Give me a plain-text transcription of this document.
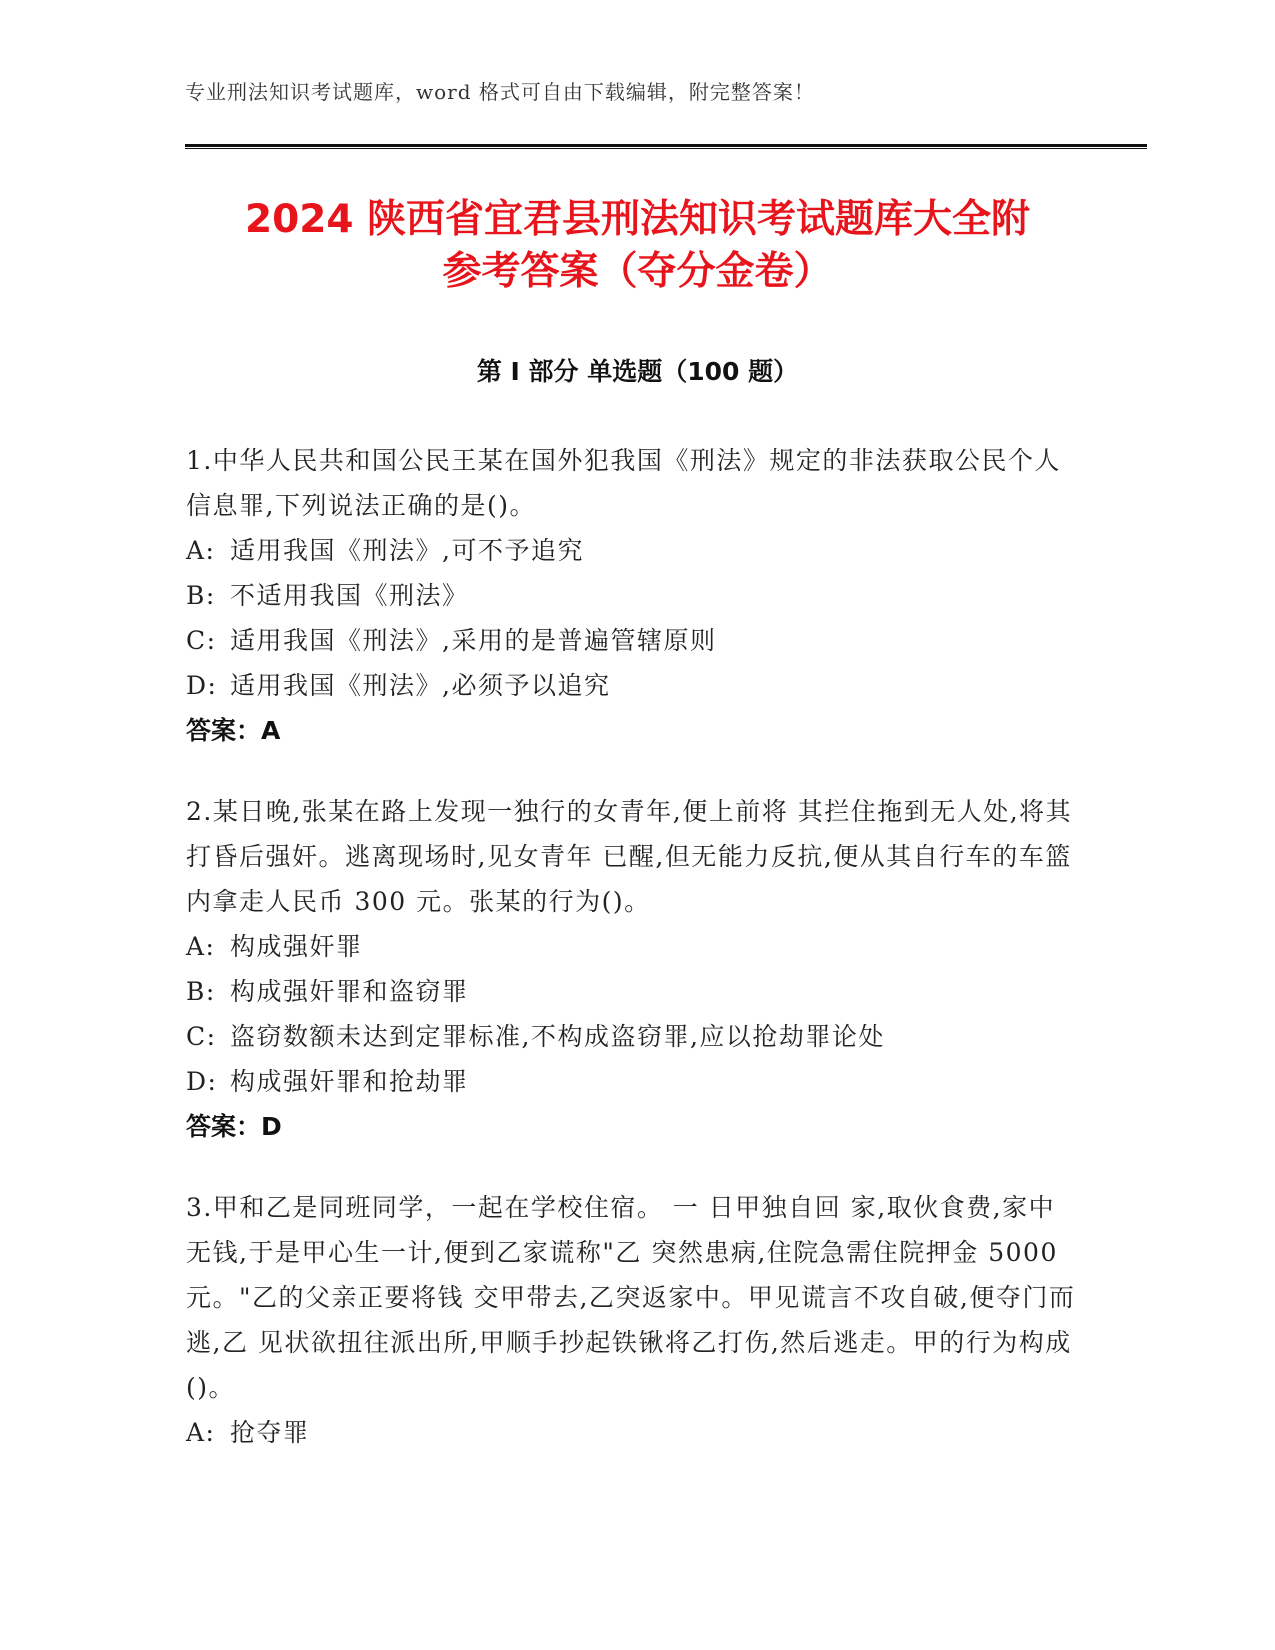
专业刑法知识考试题库，word 格式可自由下载编辑，附完整答案！
2024 陕西省宜君县刑法知识考试题库大全附
参考答案（夺分金卷）
第 I 部分 单选题（100 题）

1.中华人民共和国公民王某在国外犯我国《刑法》规定的非法获取公民个人信息罪,下列说法正确的是()。

A: 适用我国《刑法》,可不予追究

B: 不适用我国《刑法》

C: 适用我国《刑法》,采用的是普遍管辖原则

D: 适用我国《刑法》,必须予以追究

答案：A

2.某日晚,张某在路上发现一独行的女青年,便上前将 其拦住拖到无人处,将其打昏后强奸。逃离现场时,见女青年 已醒,但无能力反抗,便从其自行车的车篮内拿走人民币 300 元。张某的行为()。

A: 构成强奸罪

B: 构成强奸罪和盗窃罪

C: 盗窃数额未达到定罪标准,不构成盗窃罪,应以抢劫罪论处

D: 构成强奸罪和抢劫罪

答案：D

3.甲和乙是同班同学，一起在学校住宿。 一 日甲独自回 家,取伙食费,家中无钱,于是甲心生一计,便到乙家谎称"乙 突然患病,住院急需住院押金 5000 元。"乙的父亲正要将钱 交甲带去,乙突返家中。甲见谎言不攻自破,便夺门而逃,乙 见状欲扭往派出所,甲顺手抄起铁锹将乙打伤,然后逃走。甲的行为构成()。

A: 抢夺罪
